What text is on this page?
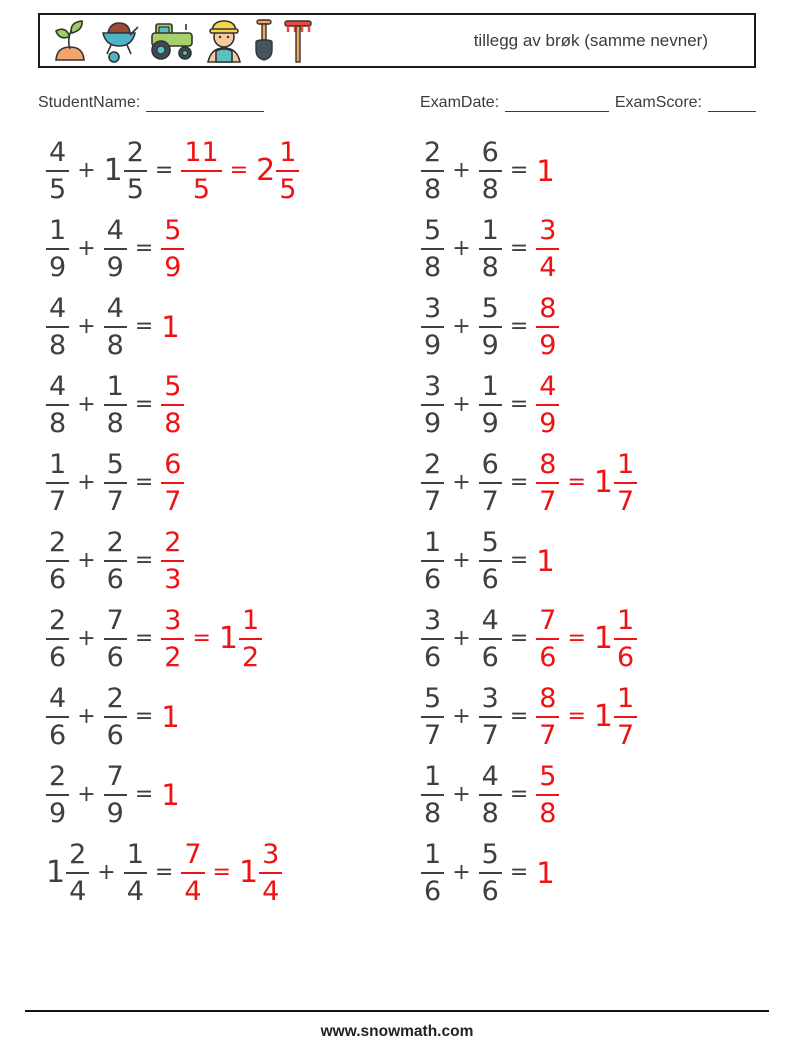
tillegg av brøk (samme nevner)
StudentName:	ExamDate:	ExamScore:
$\frac{4}{5} + 1 \frac{2}{5} = \frac{11}{5} = 2 \frac{1}{5}$	$\frac{2}{8} + \frac{6}{8} = 1$
$\frac{1}{9} + \frac{4}{9} = \frac{5}{9}$	$\frac{5}{8} + \frac{1}{8} = \frac{3}{4}$
$\frac{4}{8} + \frac{4}{8} = 1$	$\frac{3}{9} + \frac{5}{9} = \frac{8}{9}$
$\frac{4}{8} + \frac{1}{8} = \frac{5}{8}$	$\frac{3}{9} + \frac{1}{9} = \frac{4}{9}$
$\frac{1}{7} + \frac{5}{7} = \frac{6}{7}$	$\frac{2}{7} + \frac{6}{7} = \frac{8}{7} = 1 \frac{1}{7}$
$\frac{2}{6} + \frac{2}{6} = \frac{2}{3}$	$\frac{1}{6} + \frac{5}{6} = 1$
$\frac{2}{6} + \frac{7}{6} = \frac{3}{2} = 1 \frac{1}{2}$	$\frac{3}{6} + \frac{4}{6} = \frac{7}{6} = 1 \frac{1}{6}$
$\frac{4}{6} + \frac{2}{6} = 1$	$\frac{5}{7} + \frac{3}{7} = \frac{8}{7} = 1 \frac{1}{7}$
$\frac{2}{9} + \frac{7}{9} = 1$	$\frac{1}{8} + \frac{4}{8} = \frac{5}{8}$
$1 \frac{2}{4} + \frac{1}{4} = \frac{7}{4} = 1 \frac{3}{4}$	$\frac{1}{6} + \frac{5}{6} = 1$
www.snowmath.com
